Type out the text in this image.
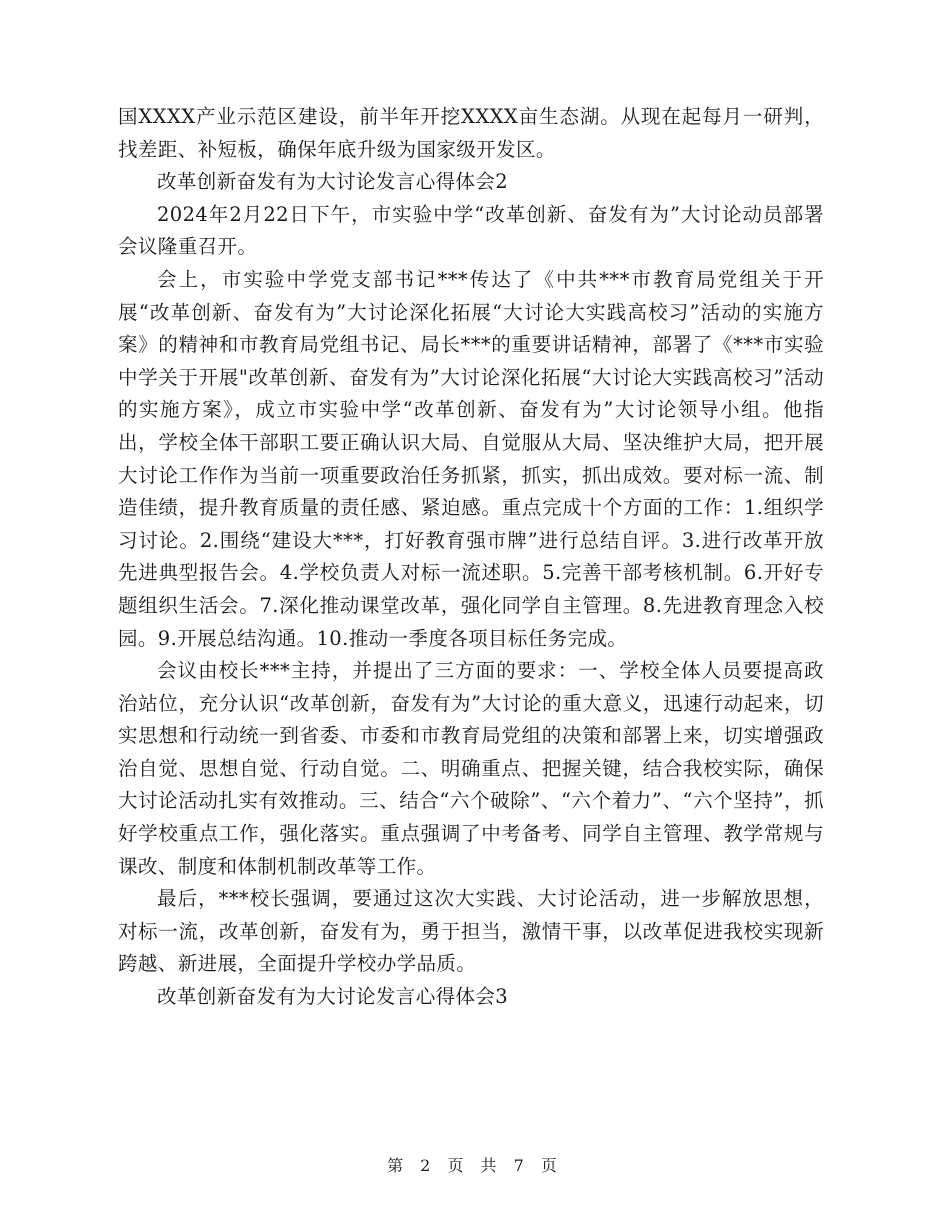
国XXXX产业示范区建设，前半年开挖XXXX亩生态湖。从现在起每月一研判，找差距、补短板，确保年底升级为国家级开发区。

改革创新奋发有为大讨论发言心得体会2

2024年2月22日下午，市实验中学“改革创新、奋发有为”大讨论动员部署会议隆重召开。

会上，市实验中学党支部书记***传达了《中共***市教育局党组关于开展“改革创新、奋发有为”大讨论深化拓展“大讨论大实践高校习”活动的实施方案》的精神和市教育局党组书记、局长***的重要讲话精神，部署了《***市实验中学关于开展"改革创新、奋发有为”大讨论深化拓展“大讨论大实践高校习”活动的实施方案》，成立市实验中学“改革创新、奋发有为”大讨论领导小组。他指出，学校全体干部职工要正确认识大局、自觉服从大局、坚决维护大局，把开展大讨论工作作为当前一项重要政治任务抓紧，抓实，抓出成效。要对标一流、制造佳绩，提升教育质量的责任感、紧迫感。重点完成十个方面的工作：1.组织学习讨论。2.围绕“建设大***，打好教育强市牌”进行总结自评。3.进行改革开放先进典型报告会。4.学校负责人对标一流述职。5.完善干部考核机制。6.开好专题组织生活会。7.深化推动课堂改革，强化同学自主管理。8.先进教育理念入校园。9.开展总结沟通。10.推动一季度各项目标任务完成。

会议由校长***主持，并提出了三方面的要求：一、学校全体人员要提高政治站位，充分认识“改革创新，奋发有为”大讨论的重大意义，迅速行动起来，切实思想和行动统一到省委、市委和市教育局党组的决策和部署上来，切实增强政治自觉、思想自觉、行动自觉。二、明确重点、把握关键，结合我校实际，确保大讨论活动扎实有效推动。三、结合“六个破除”、“六个着力”、“六个坚持”，抓好学校重点工作，强化落实。重点强调了中考备考、同学自主管理、教学常规与课改、制度和体制机制改革等工作。

最后，***校长强调，要通过这次大实践、大讨论活动，进一步解放思想，对标一流，改革创新，奋发有为，勇于担当，激情干事，以改革促进我校实现新跨越、新进展，全面提升学校办学品质。

改革创新奋发有为大讨论发言心得体会3

第 2 页 共 7 页
